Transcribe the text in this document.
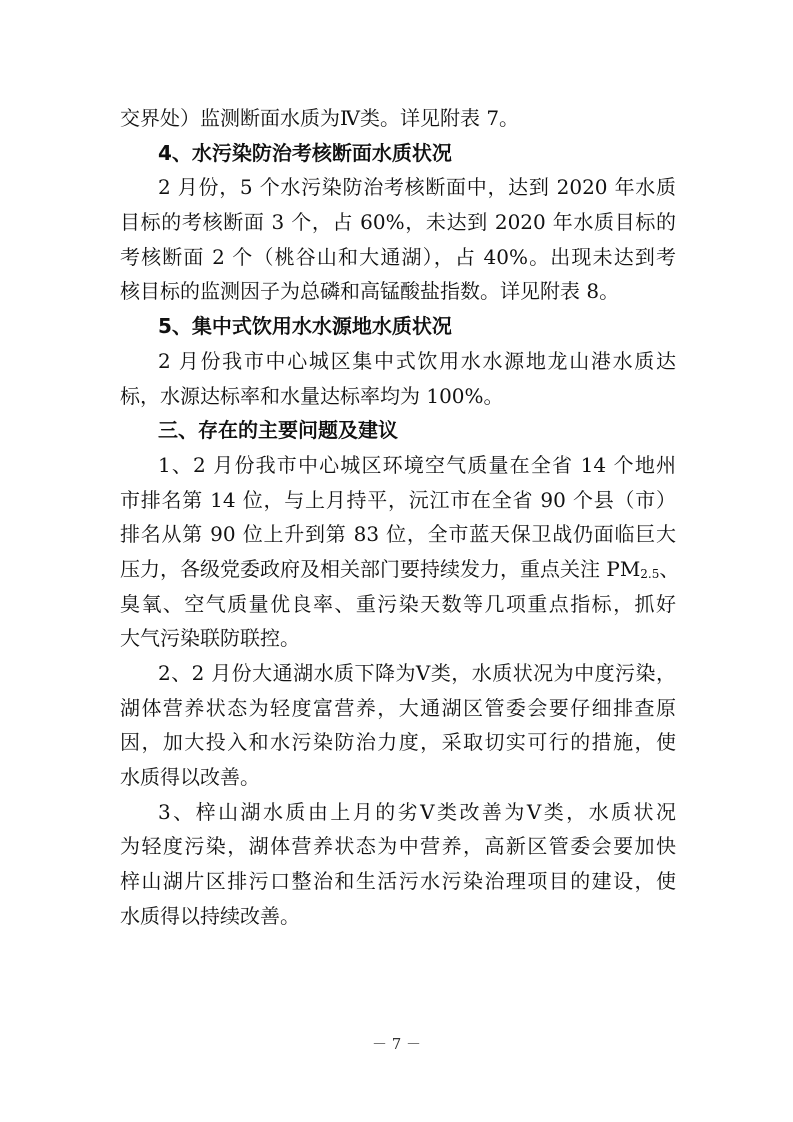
交界处）监测断面水质为Ⅳ类。详见附表 7。
4、水污染防治考核断面水质状况
2 月份，5 个水污染防治考核断面中，达到 2020 年水质
目标的考核断面 3 个，占 60%，未达到 2020 年水质目标的
考核断面 2 个（桃谷山和大通湖），占 40%。出现未达到考
核目标的监测因子为总磷和高锰酸盐指数。详见附表 8。
5、集中式饮用水水源地水质状况
2 月份我市中心城区集中式饮用水水源地龙山港水质达
标，水源达标率和水量达标率均为 100%。
三、存在的主要问题及建议
1、2 月份我市中心城区环境空气质量在全省 14 个地州
市排名第 14 位，与上月持平，沅江市在全省 90 个县（市）
排名从第 90 位上升到第 83 位，全市蓝天保卫战仍面临巨大
压力，各级党委政府及相关部门要持续发力，重点关注 $PM_{2.5}$、
臭氧、空气质量优良率、重污染天数等几项重点指标，抓好
大气污染联防联控。
2、2 月份大通湖水质下降为Ⅴ类，水质状况为中度污染，
湖体营养状态为轻度富营养，大通湖区管委会要仔细排查原
因，加大投入和水污染防治力度，采取切实可行的措施，使
水质得以改善。
3、梓山湖水质由上月的劣Ⅴ类改善为Ⅴ类，水质状况
为轻度污染，湖体营养状态为中营养，高新区管委会要加快
梓山湖片区排污口整治和生活污水污染治理项目的建设，使
水质得以持续改善。
－ 7 －
